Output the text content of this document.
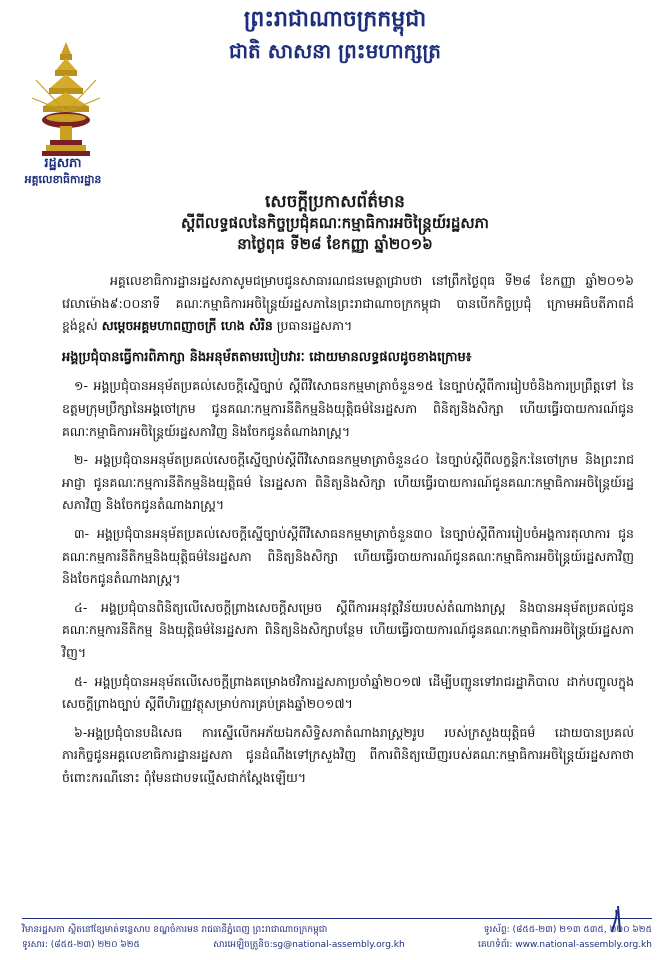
ព្រះរាជាណាចក្រកម្ពុជា
ជាតិ សាសនា ព្រះមហាក្សត្រ
រដ្ឋសភា
អគ្គលេខាធិការដ្ឋាន
សេចក្តីប្រកាសព័ត៌មាន
ស្តីពីលទ្ធផលនៃកិច្ចប្រជុំគណៈកម្មាធិការអចិន្ត្រៃយ៍រដ្ឋសភា
នាថ្ងៃពុធ ទី២៨ ខែកញ្ញា ឆ្នាំ២០១៦

អគ្គលេខាធិការដ្ឋានរដ្ឋសភាសូមជម្រាបជូនសាធារណជនមេត្តាជ្រាបថា នៅព្រឹកថ្ងៃពុធ ទី២៨ ខែកញ្ញា ឆ្នាំ២០១៦ វេលាម៉ោង៩:០០នាទី គណៈកម្មាធិការអចិន្ត្រៃយ៍រដ្ឋសភានៃព្រះរាជាណាចក្រកម្ពុជា បានបើកកិច្ចប្រជុំ ក្រោមអធិបតីភាពដ៏ខ្ពង់ខ្ពស់ សម្តេចអគ្គមហាពញាចក្រី ហេង សំរិន ប្រធានរដ្ឋសភា។

អង្គប្រជុំបានធ្វើការពិភាក្សា និងអនុម័តតាមរបៀបវារៈ ដោយមានលទ្ធផលដូចខាងក្រោម៖

១- អង្គប្រជុំបានអនុម័តប្រគល់សេចក្តីស្នើច្បាប់ ស្តីពីវិសោធនកម្មមាត្រាចំនួន១៥ នៃច្បាប់ស្តីពីការរៀបចំនិងការប្រព្រឹត្តទៅ នៃឧត្តមក្រុមប្រឹក្សានៃអង្គចៅក្រម ជូនគណៈកម្មការនីតិកម្មនិងយុត្តិធម៌នៃរដ្ឋសភា ពិនិត្យនិងសិក្សា ហើយធ្វើរបាយការណ៍ជូនគណៈកម្មាធិការអចិន្ត្រៃយ៍រដ្ឋសភាវិញ និងចែកជូនតំណាងរាស្ត្រ។

២- អង្គប្រជុំបានអនុម័តប្រគល់សេចក្តីស្នើច្បាប់ស្តីពីវិសោធនកម្មមាត្រាចំនួន៤០ នៃច្បាប់ស្តីពីលក្ខន្តិកៈនៃចៅក្រម និងព្រះរាជអាជ្ញា ជូនគណៈកម្មការនីតិកម្មនិងយុត្តិធម៌ នៃរដ្ឋសភា ពិនិត្យនិងសិក្សា ហើយធ្វើរបាយការណ៍ជូនគណៈកម្មាធិការអចិន្ត្រៃយ៍រដ្ឋសភាវិញ និងចែកជូនតំណាងរាស្ត្រ។

៣- អង្គប្រជុំបានអនុម័តប្រគល់សេចក្តីស្នើច្បាប់ស្តីពីវិសោធនកម្មមាត្រាចំនួន៣០ នៃច្បាប់ស្តីពីការរៀបចំអង្គការតុលាការ ជូនគណៈកម្មការនីតិកម្មនិងយុត្តិធម៌នៃរដ្ឋសភា ពិនិត្យនិងសិក្សា ហើយធ្វើរបាយការណ៍ជូនគណៈកម្មាធិការអចិន្ត្រៃយ៍រដ្ឋសភាវិញ និងចែកជូនតំណាងរាស្ត្រ។

៤- អង្គប្រជុំបានពិនិត្យលើសេចក្តីព្រាងសេចក្តីសម្រេច ស្តីពីការអនុវត្តវិន័យរបស់តំណាងរាស្ត្រ និងបានអនុម័តប្រគល់ជូនគណៈកម្មការនីតិកម្ម និងយុត្តិធម៌នៃរដ្ឋសភា ពិនិត្យនិងសិក្សាបន្ថែម ហើយធ្វើរបាយការណ៍ជូនគណៈកម្មាធិការអចិន្ត្រៃយ៍រដ្ឋសភាវិញ។

៥- អង្គប្រជុំបានអនុម័តលើសេចក្តីព្រាងគម្រោងថវិការដ្ឋសភាប្រចាំឆ្នាំ២០១៧ ដើម្បីបញ្ជូនទៅរាជរដ្ឋាភិបាល ដាក់បញ្ចូលក្នុងសេចក្តីព្រាងច្បាប់ ស្តីពីហិរញ្ញវត្ថុសម្រាប់ការគ្រប់គ្រងឆ្នាំ២០១៧។

៦-អង្គប្រជុំបានបដិសេធ ការស្នើលើកអភ័យឯកសិទ្ធិសភាតំណាងរាស្ត្រ២រូប របស់ក្រសួងយុត្តិធម៌ ដោយបានប្រគល់ភារកិច្ចជូនអគ្គលេខាធិការដ្ឋានរដ្ឋសភា ជូនដំណឹងទៅក្រសួងវិញ ពីការពិនិត្យឃើញរបស់គណៈកម្មាធិការអចិន្ត្រៃយ៍រដ្ឋសភាថាចំពោះករណីនោះ ពុំមែនជាបទល្មើសជាក់ស្តែងឡើយ។

វិមានរដ្ឋសភា ស្ថិតនៅខ្សែមាត់ទន្លេសាប ខណ្ឌចំការមន រាជធានីភ្នំពេញ ព្រះរាជាណាចក្រកម្ពុជា	ទូរស័ព្ទ: (៨៥៥-២៣) ២១៣ ៥៣៥, ២២០ ៦២៥
ទូរសារ: (៨៥៥-២៣) ២២០ ៦២៥	សារអេឡិចត្រូនិច:sg@national-assembly.org.kh	គេហទំព័រ: www.national-assembly.org.kh
